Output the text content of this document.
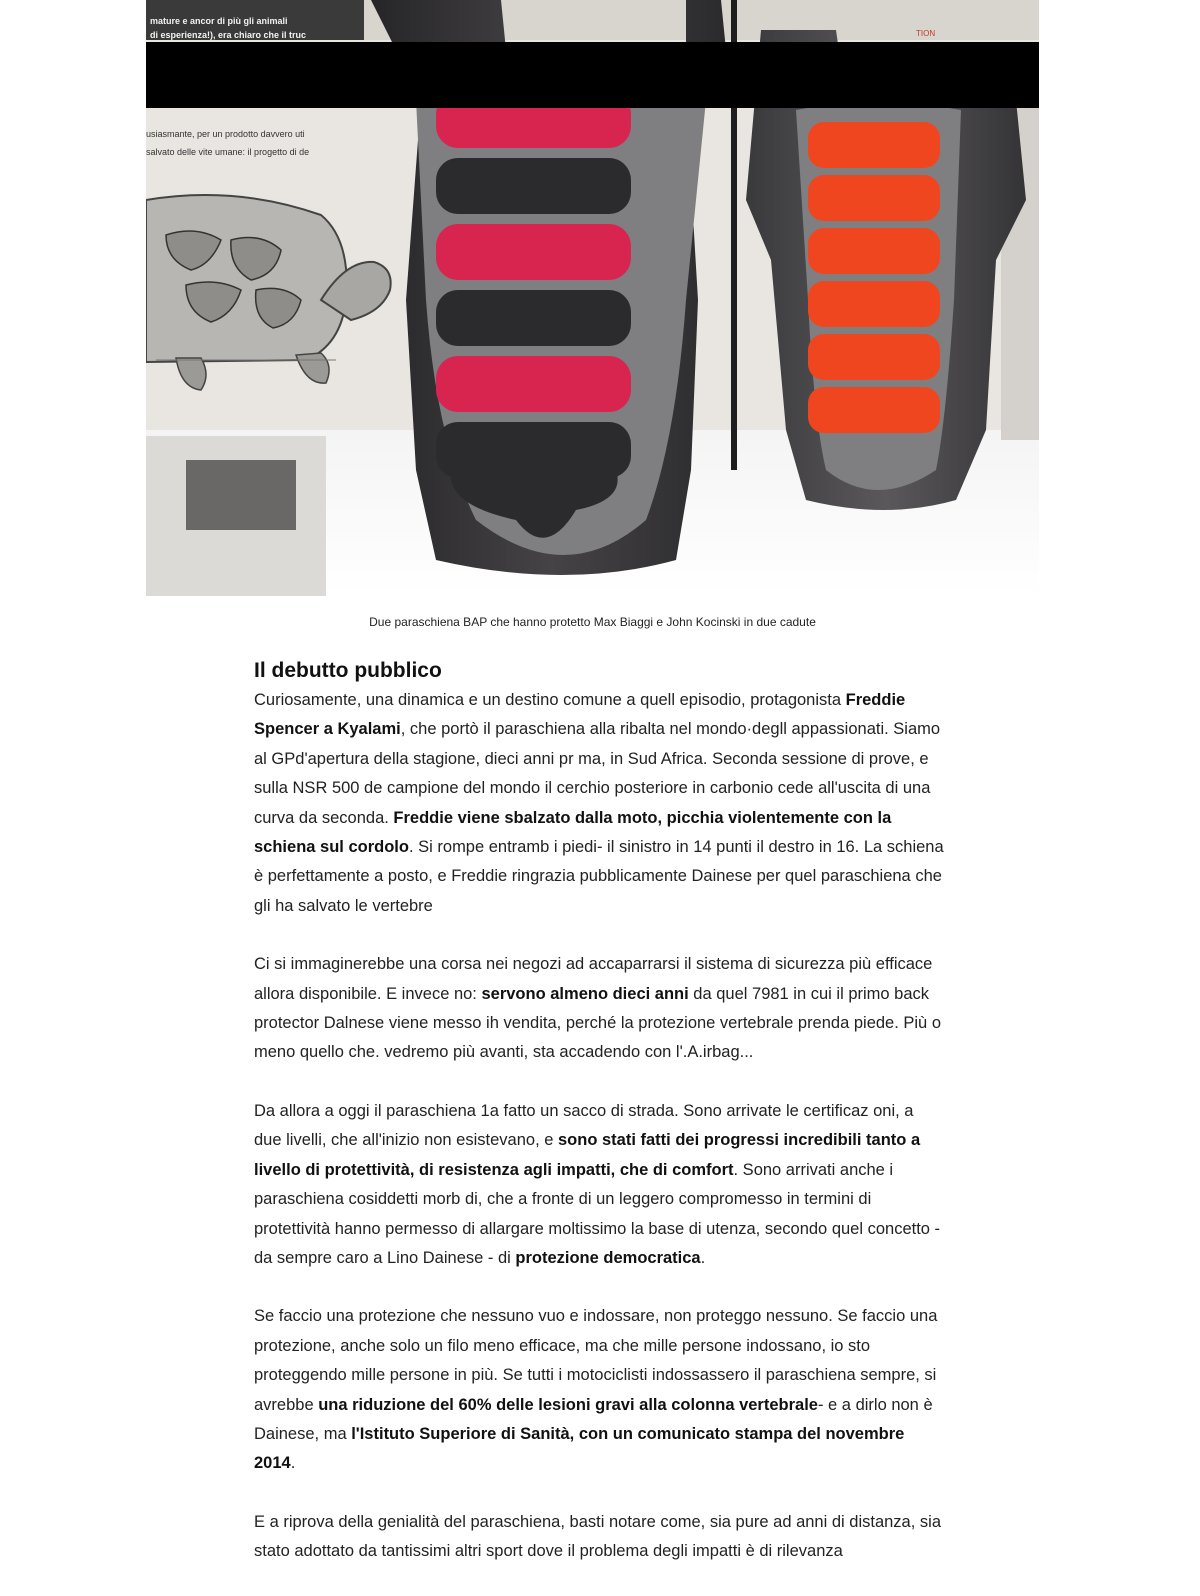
mature e ancor di più gli animali
di esperienza!), era chiaro che il truc
usiasmante, per un prodotto davvero uti
salvato delle vite umane: il progetto di de
TION
Due paraschiena BAP che hanno protetto Max Biaggi e John Kocinski in due cadute
Il debutto pubblico

Curiosamente, una dinamica e un destino comune a quell episodio, protagonista Freddie Spencer a Kyalami, che portò il paraschiena alla ribalta nel mondo·degll appassionati. Siamo al GPd'apertura della stagione, dieci anni pr ma, in Sud Africa. Seconda sessione di prove, e sulla NSR 500 de campione del mondo il cerchio posteriore in carbonio cede all'uscita di una curva da seconda. Freddie viene sbalzato dalla moto, picchia violentemente con la schiena sul cordolo. Si rompe entramb i piedi- il sinistro in 14 punti il destro in 16. La schiena è perfettamente a posto, e Freddie ringrazia pubblicamente Dainese per quel paraschiena che gli ha salvato le vertebre

Ci si immaginerebbe una corsa nei negozi ad accaparrarsi il sistema di sicurezza più efficace allora disponibile. E invece no: servono almeno dieci anni da quel 7981 in cui il primo back protector Dalnese viene messo ih vendita, perché la protezione vertebrale prenda piede. Più o meno quello che. vedremo più avanti, sta accadendo con l'.A.irbag...

Da allora a oggi il paraschiena 1a fatto un sacco di strada. Sono arrivate le certificaz oni, a due livelli, che all'inizio non esistevano, e sono stati fatti dei progressi incredibili tanto a livello di protettività, di resistenza agli impatti, che di comfort. Sono arrivati anche i paraschiena cosiddetti morb di, che a fronte di un leggero compromesso in termini di protettività hanno permesso di allargare moltissimo la base di utenza, secondo quel concetto - da sempre caro a Lino Dainese - di protezione democratica.

Se faccio una protezione che nessuno vuo e indossare, non proteggo nessuno. Se faccio una protezione, anche solo un filo meno efficace, ma che mille persone indossano, io sto proteggendo mille persone in più. Se tutti i motociclisti indossassero il paraschiena sempre, si avrebbe una riduzione del 60% delle lesioni gravi alla colonna vertebrale- e a dirlo non è Dainese, ma l'Istituto Superiore di Sanità, con un comunicato stampa del novembre 2014.

E a riprova della genialità del paraschiena, basti notare come, sia pure ad anni di distanza, sia stato adottato da tantissimi altri sport dove il problema degli impatti è di rilevanza
